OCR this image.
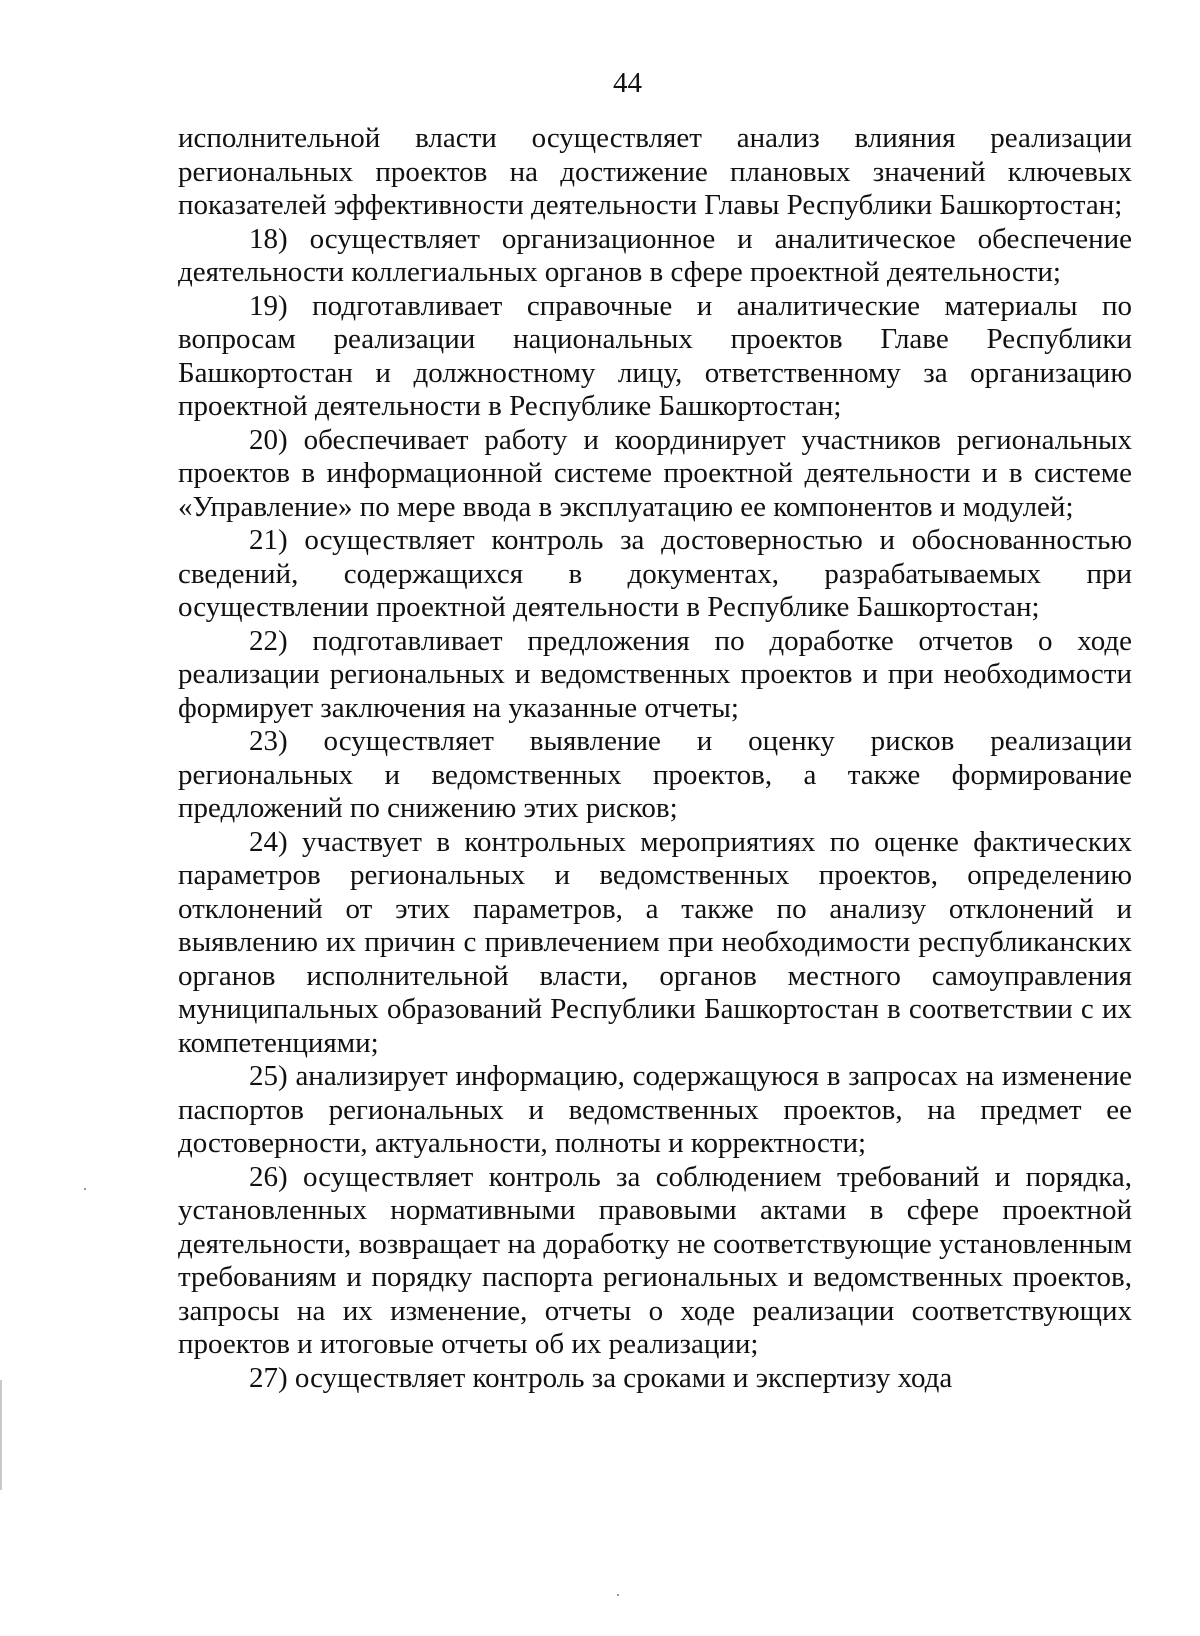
44

исполнительной власти осуществляет анализ влияния реализации региональных проектов на достижение плановых значений ключевых показателей эффективности деятельности Главы Республики Башкортостан;

18) осуществляет организационное и аналитическое обеспечение деятельности коллегиальных органов в сфере проектной деятельности;

19) подготавливает справочные и аналитические материалы по вопросам реализации национальных проектов Главе Республики Башкортостан и должностному лицу, ответственному за организацию проектной деятельности в Республике Башкортостан;

20) обеспечивает работу и координирует участников региональных проектов в информационной системе проектной деятельности и в системе «Управление» по мере ввода в эксплуатацию ее компонентов и модулей;

21) осуществляет контроль за достоверностью и обоснованностью сведений, содержащихся в документах, разрабатываемых при осуществлении проектной деятельности в Республике Башкортостан;

22) подготавливает предложения по доработке отчетов о ходе реализации региональных и ведомственных проектов и при необходимости формирует заключения на указанные отчеты;

23) осуществляет выявление и оценку рисков реализации региональных и ведомственных проектов, а также формирование предложений по снижению этих рисков;

24) участвует в контрольных мероприятиях по оценке фактических параметров региональных и ведомственных проектов, определению отклонений от этих параметров, а также по анализу отклонений и выявлению их причин с привлечением при необходимости республиканских органов исполнительной власти, органов местного самоуправления муниципальных образований Республики Башкортостан в соответствии с их компетенциями;

25) анализирует информацию, содержащуюся в запросах на изменение паспортов региональных и ведомственных проектов, на предмет ее достоверности, актуальности, полноты и корректности;

26) осуществляет контроль за соблюдением требований и порядка, установленных нормативными правовыми актами в сфере проектной деятельности, возвращает на доработку не соответствующие установленным требованиям и порядку паспорта региональных и ведомственных проектов, запросы на их изменение, отчеты о ходе реализации соответствующих проектов и итоговые отчеты об их реализации;

27) осуществляет контроль за сроками и экспертизу хода
